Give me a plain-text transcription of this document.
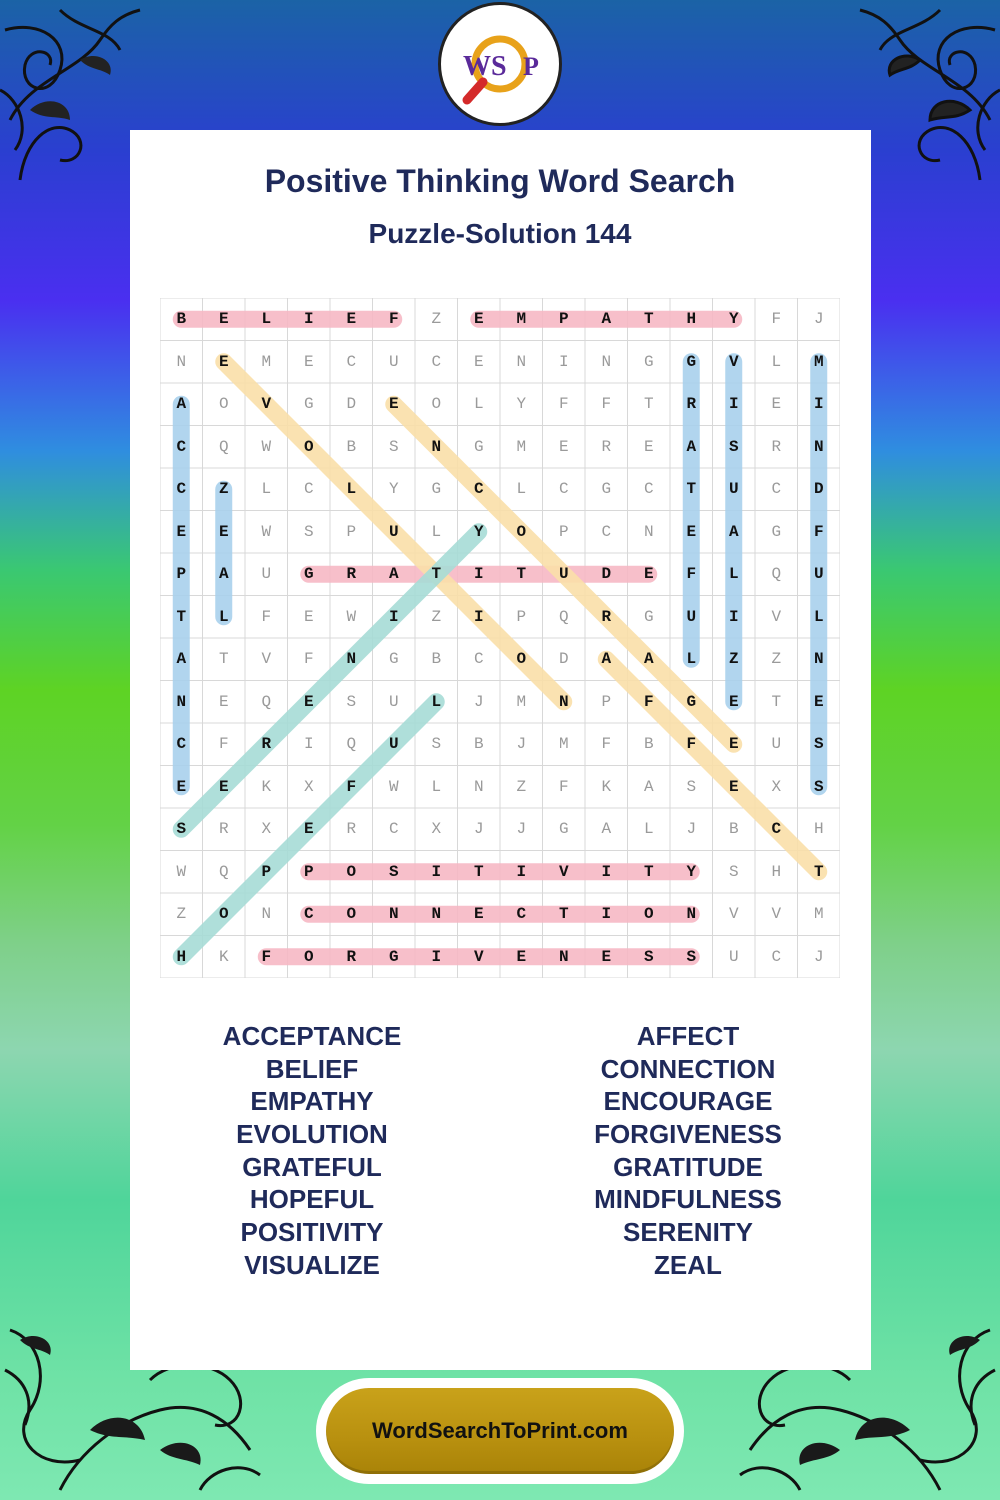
W S P
Positive Thinking Word Search
Puzzle-Solution 144
B	E	L	I	E	F	Z	E	M	P	A	T	H	Y	F	J
N	E	M	E	C	U	C	E	N	I	N	G	G	V	L	M
A	O	V	G	D	E	O	L	Y	F	F	T	R	I	E	I
C	Q	W	O	B	S	N	G	M	E	R	E	A	S	R	N
C	Z	L	C	L	Y	G	C	L	C	G	C	T	U	C	D
E	E	W	S	P	U	L	Y	O	P	C	N	E	A	G	F
P	A	U	G	R	A	T	I	T	U	D	E	F	L	Q	U
T	L	F	E	W	I	Z	I	P	Q	R	G	U	I	V	L
A	T	V	F	N	G	B	C	O	D	A	A	L	Z	Z	N
N	E	Q	E	S	U	L	J	M	N	P	F	G	E	T	E
C	F	R	I	Q	U	S	B	J	M	F	B	F	E	U	S
E	E	K	X	F	W	L	N	Z	F	K	A	S	E	X	S
S	R	X	E	R	C	X	J	J	G	A	L	J	B	C	H
W	Q	P	P	O	S	I	T	I	V	I	T	Y	S	H	T
Z	O	N	C	O	N	N	E	C	T	I	O	N	V	V	M
H	K	F	O	R	G	I	V	E	N	E	S	S	U	C	J
ACCEPTANCE
BELIEF
EMPATHY
EVOLUTION
GRATEFUL
HOPEFUL
POSITIVITY
VISUALIZE
AFFECT
CONNECTION
ENCOURAGE
FORGIVENESS
GRATITUDE
MINDFULNESS
SERENITY
ZEAL
WordSearchToPrint.com
